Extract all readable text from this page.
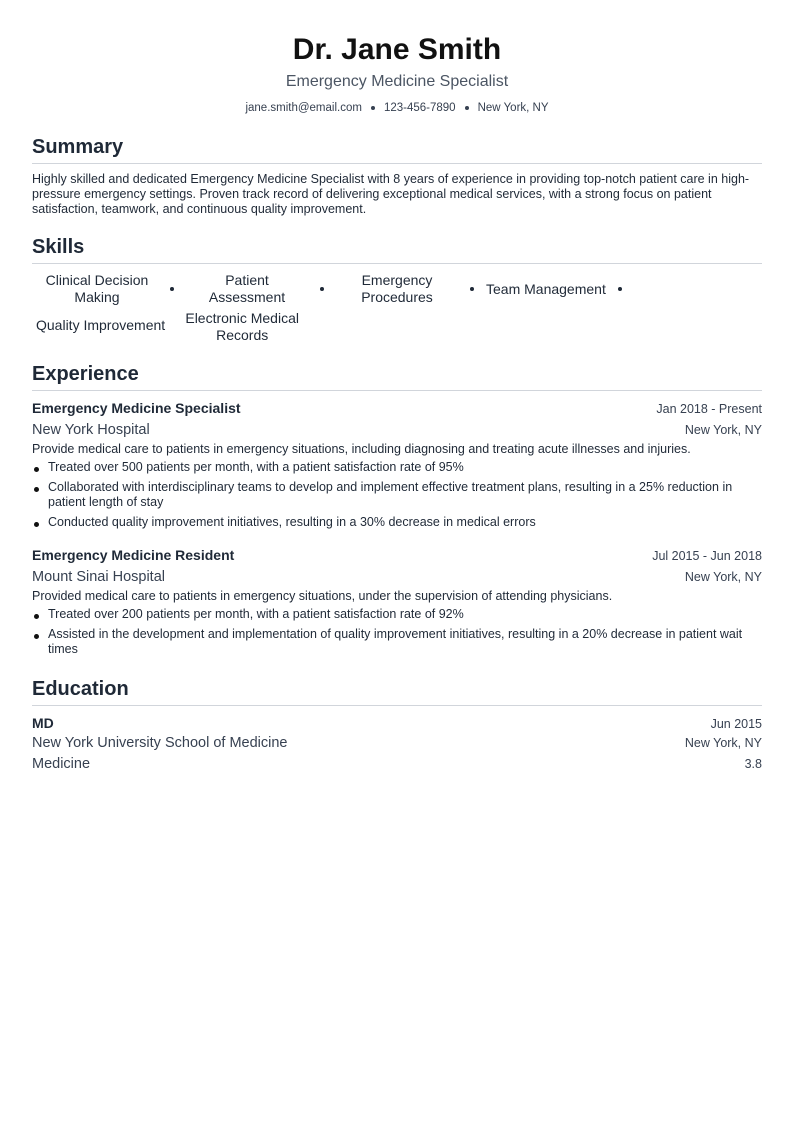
Dr. Jane Smith
Emergency Medicine Specialist
jane.smith@email.com 123-456-7890 New York, NY
Summary
Highly skilled and dedicated Emergency Medicine Specialist with 8 years of experience in providing top-notch patient care in high-pressure emergency settings. Proven track record of delivering exceptional medical services, with a strong focus on patient satisfaction, teamwork, and continuous quality improvement.
Skills
Clinical Decision Making
Patient Assessment
Emergency Procedures
Team Management
Quality Improvement	Electronic Medical Records
Experience
Emergency Medicine Specialist	Jan 2018 - Present
New York Hospital	New York, NY
Provide medical care to patients in emergency situations, including diagnosing and treating acute illnesses and injuries.
Treated over 500 patients per month, with a patient satisfaction rate of 95%
Collaborated with interdisciplinary teams to develop and implement effective treatment plans, resulting in a 25% reduction in patient length of stay
Conducted quality improvement initiatives, resulting in a 30% decrease in medical errors
Emergency Medicine Resident	Jul 2015 - Jun 2018
Mount Sinai Hospital	New York, NY
Provided medical care to patients in emergency situations, under the supervision of attending physicians.
Treated over 200 patients per month, with a patient satisfaction rate of 92%
Assisted in the development and implementation of quality improvement initiatives, resulting in a 20% decrease in patient wait times
Education
MD	Jun 2015
New York University School of Medicine	New York, NY
Medicine	3.8
